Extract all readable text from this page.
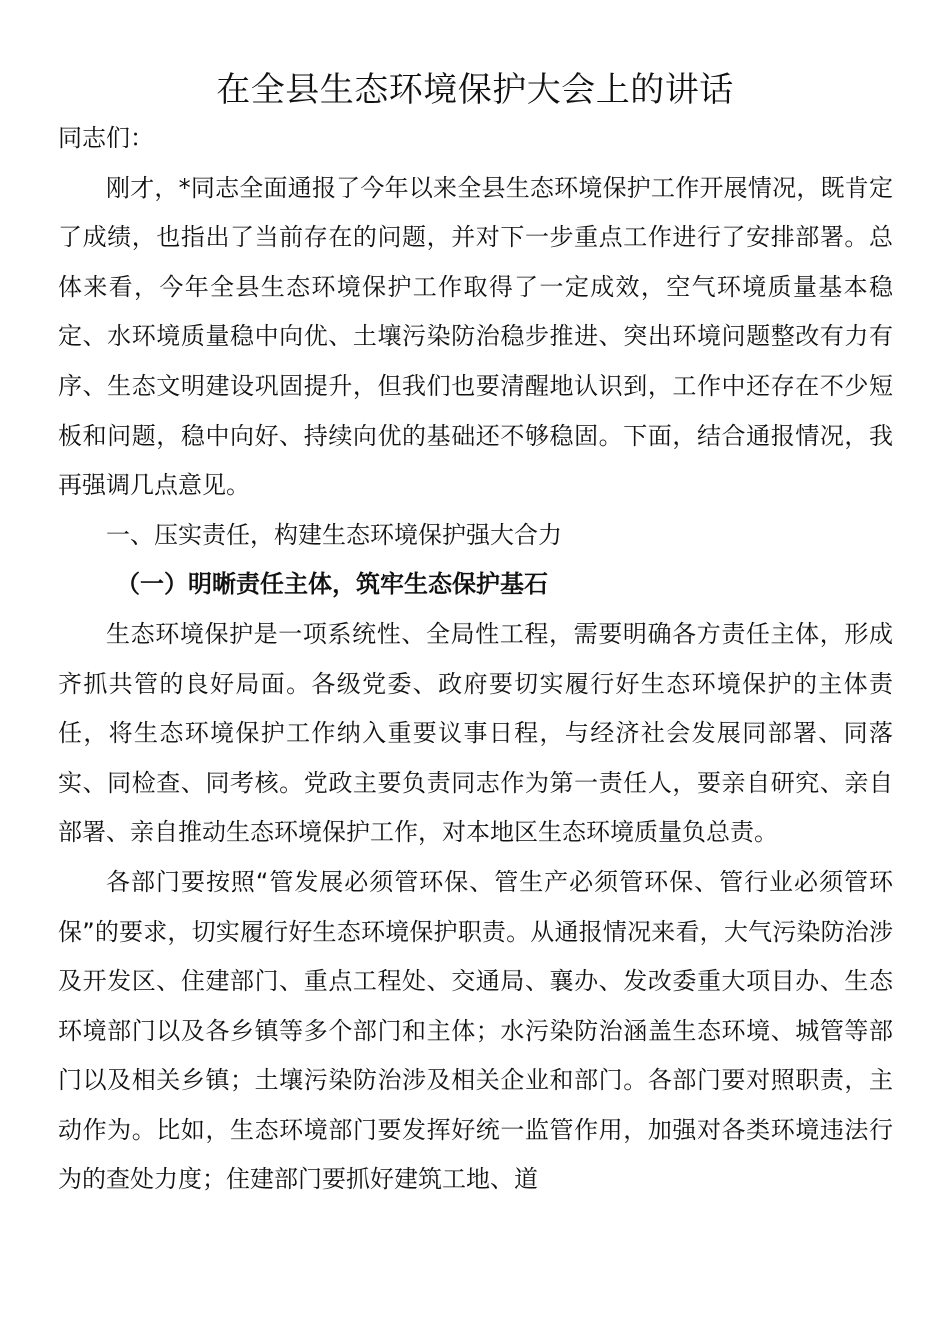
在全县生态环境保护大会上的讲话

同志们：

刚才，*同志全面通报了今年以来全县生态环境保护工作开展情况，既肯定了成绩，也指出了当前存在的问题，并对下一步重点工作进行了安排部署。总体来看，今年全县生态环境保护工作取得了一定成效，空气环境质量基本稳定、水环境质量稳中向优、土壤污染防治稳步推进、突出环境问题整改有力有序、生态文明建设巩固提升，但我们也要清醒地认识到，工作中还存在不少短板和问题，稳中向好、持续向优的基础还不够稳固。下面，结合通报情况，我再强调几点意见。

一、压实责任，构建生态环境保护强大合力

（一）明晰责任主体，筑牢生态保护基石

生态环境保护是一项系统性、全局性工程，需要明确各方责任主体，形成齐抓共管的良好局面。各级党委、政府要切实履行好生态环境保护的主体责任，将生态环境保护工作纳入重要议事日程，与经济社会发展同部署、同落实、同检查、同考核。党政主要负责同志作为第一责任人，要亲自研究、亲自部署、亲自推动生态环境保护工作，对本地区生态环境质量负总责。

各部门要按照“管发展必须管环保、管生产必须管环保、管行业必须管环保”的要求，切实履行好生态环境保护职责。从通报情况来看，大气污染防治涉及开发区、住建部门、重点工程处、交通局、襄办、发改委重大项目办、生态环境部门以及各乡镇等多个部门和主体；水污染防治涵盖生态环境、城管等部门以及相关乡镇；土壤污染防治涉及相关企业和部门。各部门要对照职责，主动作为。比如，生态环境部门要发挥好统一监管作用，加强对各类环境违法行为的查处力度；住建部门要抓好建筑工地、道
